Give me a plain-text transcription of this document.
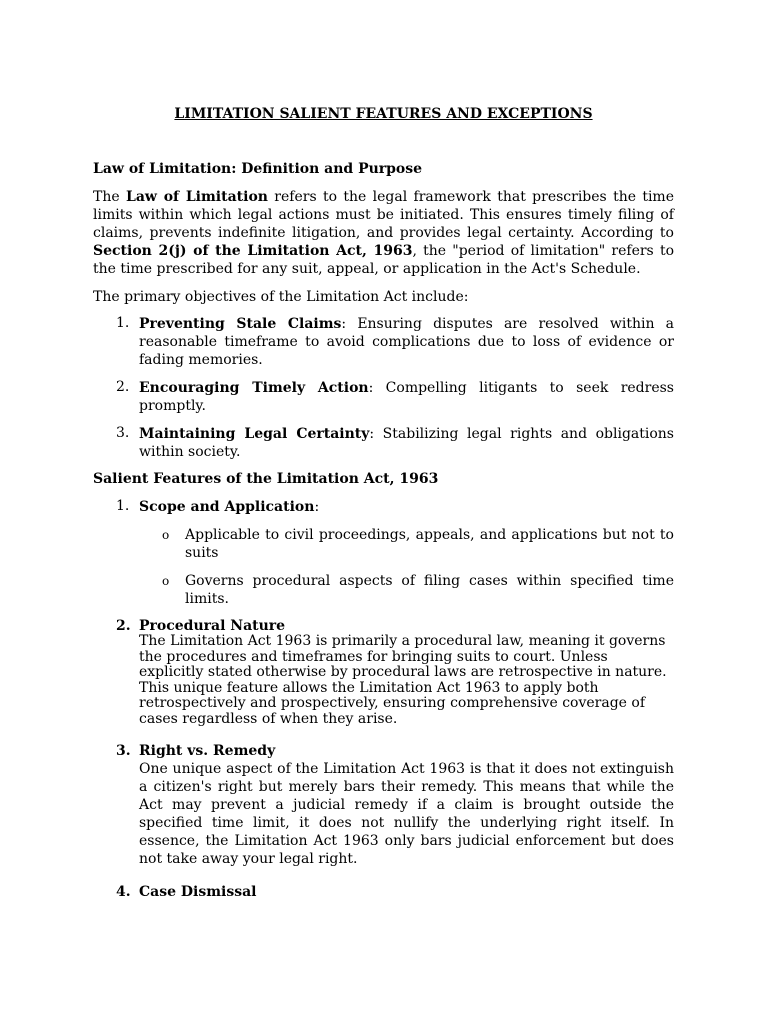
LIMITATION SALIENT FEATURES AND EXCEPTIONS
Law of Limitation: Definition and Purpose
The Law of Limitation refers to the legal framework that prescribes the time limits within which legal actions must be initiated. This ensures timely filing of claims, prevents indefinite litigation, and provides legal certainty. According to Section 2(j) of the Limitation Act, 1963, the "period of limitation" refers to the time prescribed for any suit, appeal, or application in the Act's Schedule.
The primary objectives of the Limitation Act include:
1. Preventing Stale Claims: Ensuring disputes are resolved within a reasonable timeframe to avoid complications due to loss of evidence or fading memories.
2. Encouraging Timely Action: Compelling litigants to seek redress promptly.
3. Maintaining Legal Certainty: Stabilizing legal rights and obligations within society.
Salient Features of the Limitation Act, 1963
1. Scope and Application:
o Applicable to civil proceedings, appeals, and applications but not to suits
o Governs procedural aspects of filing cases within specified time limits.
2. Procedural Nature
The Limitation Act 1963 is primarily a procedural law, meaning it governs the procedures and timeframes for bringing suits to court. Unless explicitly stated otherwise by procedural laws are retrospective in nature. This unique feature allows the Limitation Act 1963 to apply both retrospectively and prospectively, ensuring comprehensive coverage of cases regardless of when they arise.
3. Right vs. Remedy
One unique aspect of the Limitation Act 1963 is that it does not extinguish a citizen's right but merely bars their remedy. This means that while the Act may prevent a judicial remedy if a claim is brought outside the specified time limit, it does not nullify the underlying right itself. In essence, the Limitation Act 1963 only bars judicial enforcement but does not take away your legal right.
4. Case Dismissal
